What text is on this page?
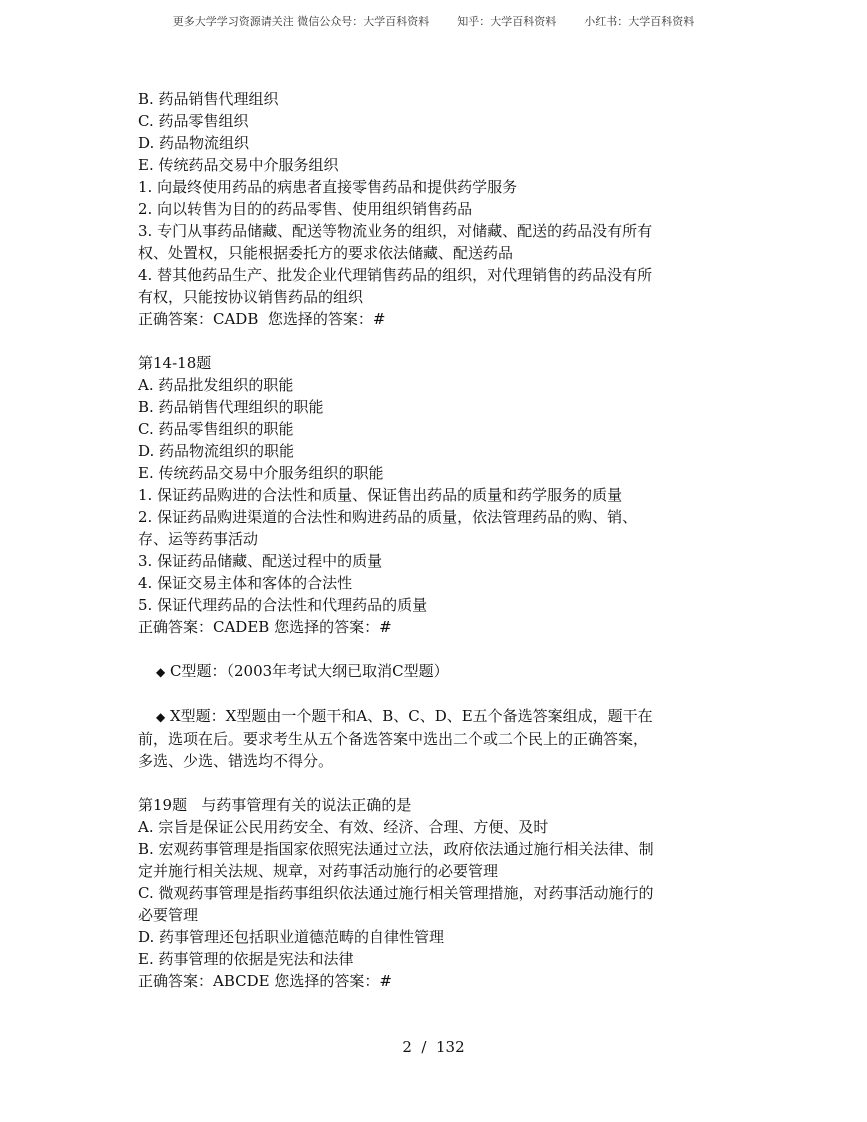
更多大学学习资源请关注 微信公众号：大学百科资料        知乎：大学百科资料        小红书：大学百科资料

B. 药品销售代理组织

C. 药品零售组织

D. 药品物流组织

E. 传统药品交易中介服务组织

1. 向最终使用药品的病患者直接零售药品和提供药学服务

2. 向以转售为目的的药品零售、使用组织销售药品

3. 专门从事药品储藏、配送等物流业务的组织，对储藏、配送的药品没有所有

权、处置权，只能根据委托方的要求依法储藏、配送药品

4. 替其他药品生产、批发企业代理销售药品的组织，对代理销售的药品没有所

有权，只能按协议销售药品的组织

正确答案：CADB  您选择的答案：#

第14-18题

A. 药品批发组织的职能

B. 药品销售代理组织的职能

C. 药品零售组织的职能

D. 药品物流组织的职能

E. 传统药品交易中介服务组织的职能

1. 保证药品购进的合法性和质量、保证售出药品的质量和药学服务的质量

2. 保证药品购进渠道的合法性和购进药品的质量，依法管理药品的购、销、

存、运等药事活动

3. 保证药品储藏、配送过程中的质量

4. 保证交易主体和客体的合法性

5. 保证代理药品的合法性和代理药品的质量

正确答案：CADEB 您选择的答案：#

◆ C型题：（2003年考试大纲已取消C型题）

◆ X型题：X型题由一个题干和A、B、C、D、E五个备选答案组成，题干在

前，选项在后。要求考生从五个备选答案中选出二个或二个民上的正确答案，

多选、少选、错选均不得分。

第19题   与药事管理有关的说法正确的是

A. 宗旨是保证公民用药安全、有效、经济、合理、方便、及时

B. 宏观药事管理是指国家依照宪法通过立法，政府依法通过施行相关法律、制

定并施行相关法规、规章，对药事活动施行的必要管理

C. 微观药事管理是指药事组织依法通过施行相关管理措施，对药事活动施行的

必要管理

D. 药事管理还包括职业道德范畴的自律性管理

E. 药事管理的依据是宪法和法律

正确答案：ABCDE 您选择的答案：#

2  /  132
